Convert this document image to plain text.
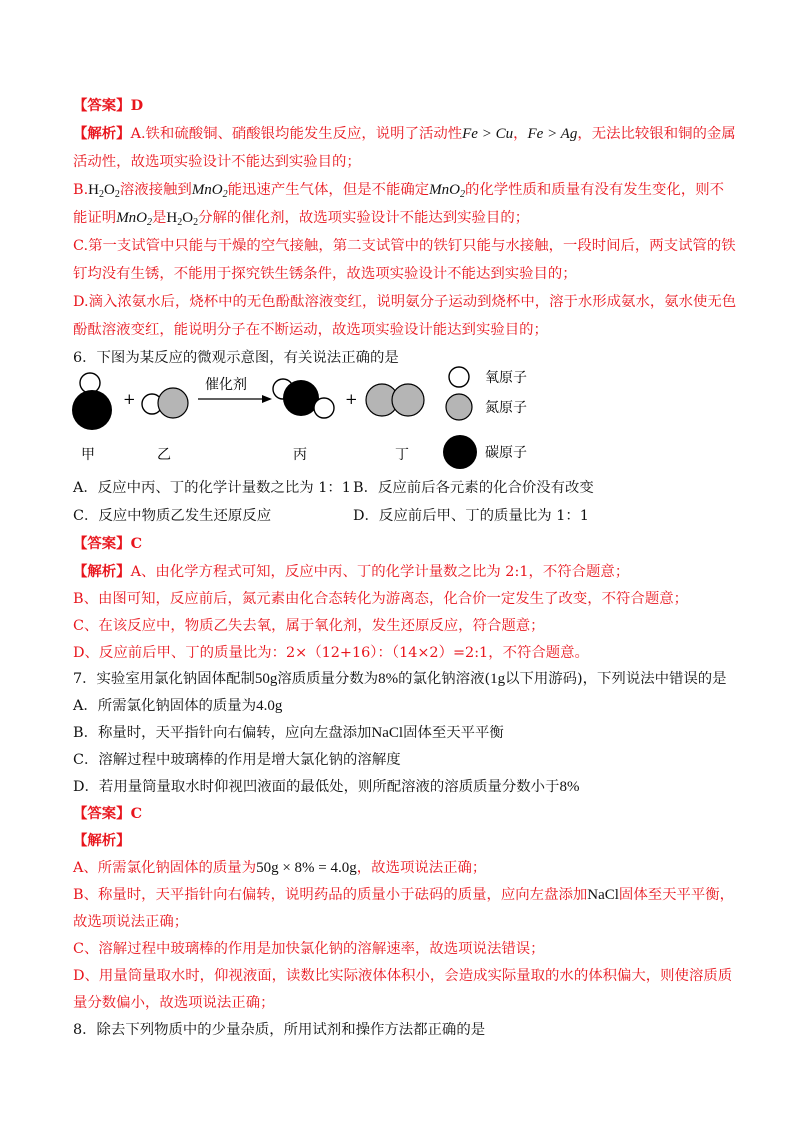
【答案】D
【解析】A.铁和硫酸铜、硝酸银均能发生反应，说明了活动性Fe > Cu，Fe > Ag，无法比较银和铜的金属
活动性，故选项实验设计不能达到实验目的；
$B.H_2O_2$溶液接触到MnO$_2$能迅速产生气体，但是不能确定MnO$_2$的化学性质和质量有没有发生变化，则不
能证明MnO$_2$是$H_2O_2$分解的催化剂，故选项实验设计不能达到实验目的；
C.第一支试管中只能与干燥的空气接触，第二支试管中的铁钉只能与水接触，一段时间后，两支试管的铁
钉均没有生锈，不能用于探究铁生锈条件，故选项实验设计不能达到实验目的；
D.滴入浓氨水后，烧杯中的无色酚酞溶液变红，说明氨分子运动到烧杯中，溶于水形成氨水，氨水使无色
酚酞溶液变红，能说明分子在不断运动，故选项实验设计能达到实验目的；
6．下图为某反应的微观示意图，有关说法正确的是
+
催化剂
+
氧原子
氮原子
碳原子
甲	乙	丙	丁
A．反应中丙、丁的化学计量数之比为 1：1 B．反应前后各元素的化合价没有改变
C．反应中物质乙发生还原反应	D．反应前后甲、丁的质量比为 1：1
【答案】C
【解析】A、由化学方程式可知，反应中丙、丁的化学计量数之比为 2:1，不符合题意；
B、由图可知，反应前后，氮元素由化合态转化为游离态，化合价一定发生了改变，不符合题意；
C、在该反应中，物质乙失去氧，属于氧化剂，发生还原反应，符合题意；
D、反应前后甲、丁的质量比为：2×（12+16）：（14×2）=2:1，不符合题意。
7．实验室用氯化钠固体配制50g溶质质量分数为8%的氯化钠溶液(1g以下用游码)，下列说法中错误的是
A．所需氯化钠固体的质量为4.0g
B．称量时，天平指针向右偏转，应向左盘添加NaCl固体至天平平衡
C．溶解过程中玻璃棒的作用是增大氯化钠的溶解度
D．若用量筒量取水时仰视凹液面的最低处，则所配溶液的溶质质量分数小于8%
【答案】C
【解析】
A、所需氯化钠固体的质量为50g × 8% = 4.0g，故选项说法正确；
B、称量时，天平指针向右偏转，说明药品的质量小于砝码的质量，应向左盘添加NaCl固体至天平平衡，
故选项说法正确；
C、溶解过程中玻璃棒的作用是加快氯化钠的溶解速率，故选项说法错误；
D、用量筒量取水时，仰视液面，读数比实际液体体积小，会造成实际量取的水的体积偏大，则使溶质质
量分数偏小，故选项说法正确；
8．除去下列物质中的少量杂质，所用试剂和操作方法都正确的是
